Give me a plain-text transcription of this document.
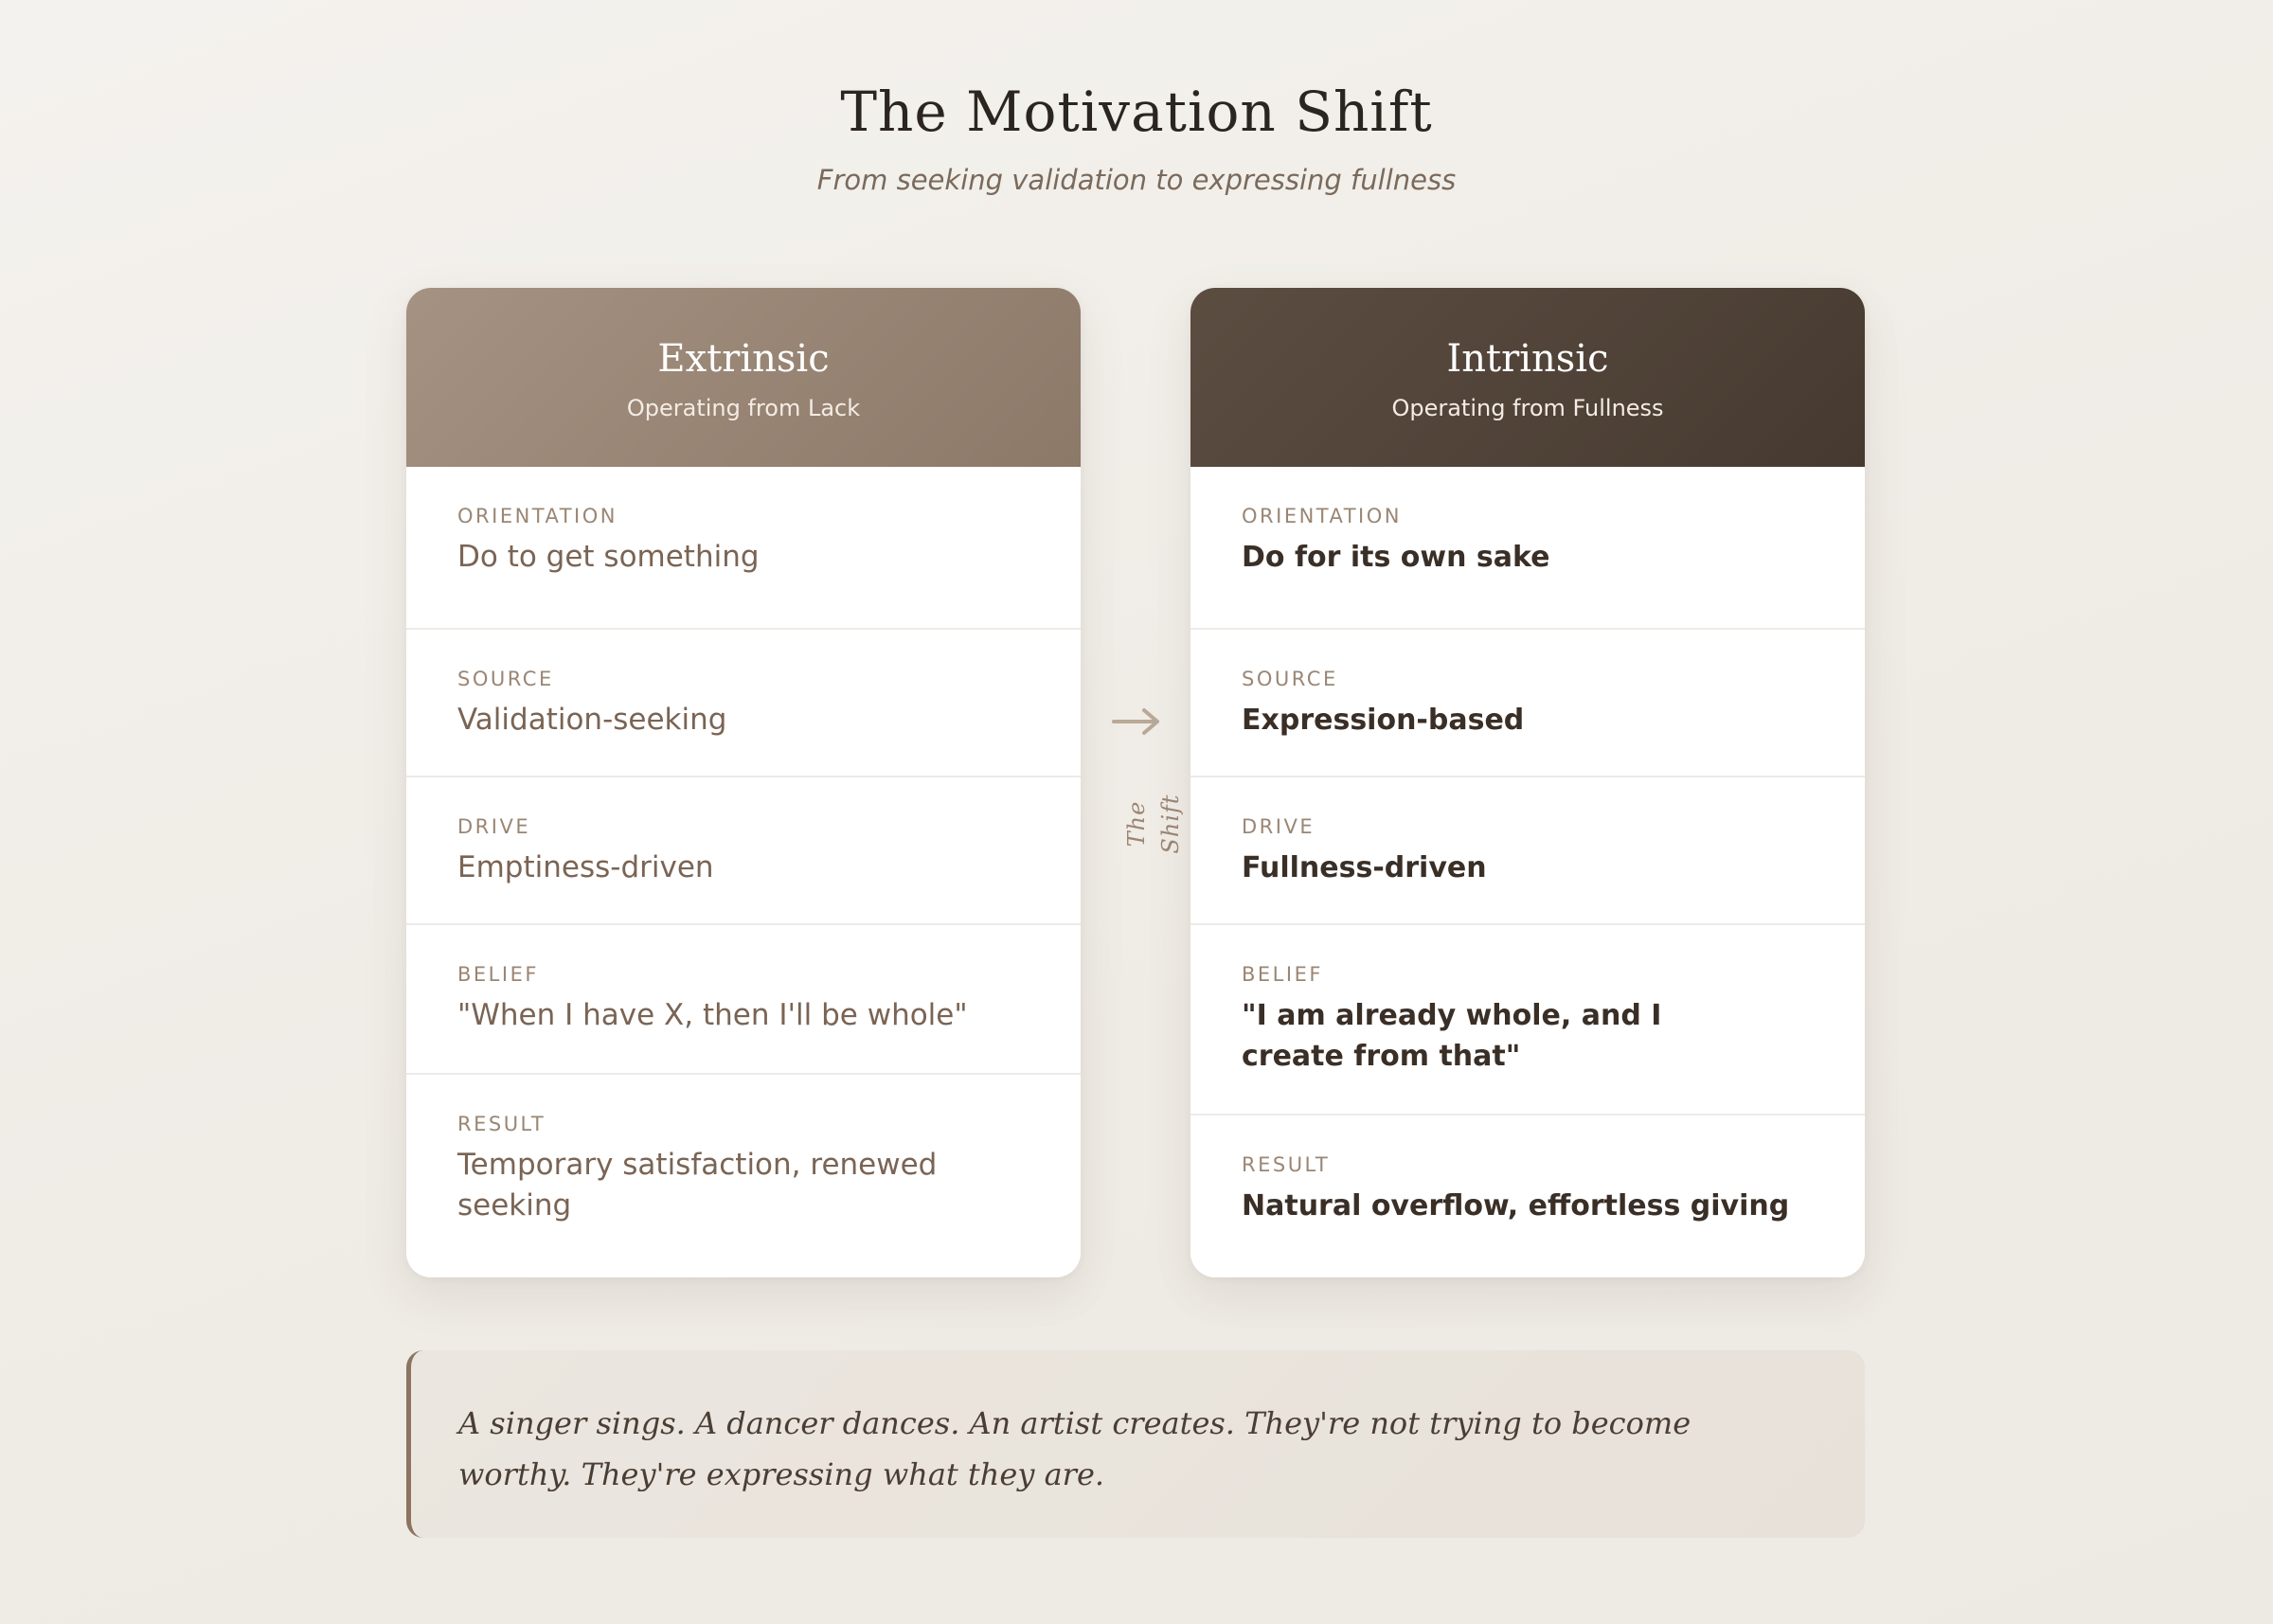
The Motivation Shift
From seeking validation to expressing fullness
Extrinsic
Operating from Lack
ORIENTATION
Do to get something
SOURCE
Validation-seeking
DRIVE
Emptiness-driven
BELIEF
"When I have X, then I'll be whole"
RESULT
Temporary satisfaction, renewed seeking
The Shift
Intrinsic
Operating from Fullness
ORIENTATION
Do for its own sake
SOURCE
Expression-based
DRIVE
Fullness-driven
BELIEF
"I am already whole, and I create from that"
RESULT
Natural overflow, effortless giving
A singer sings. A dancer dances. An artist creates. They're not trying to become worthy. They're expressing what they are.
